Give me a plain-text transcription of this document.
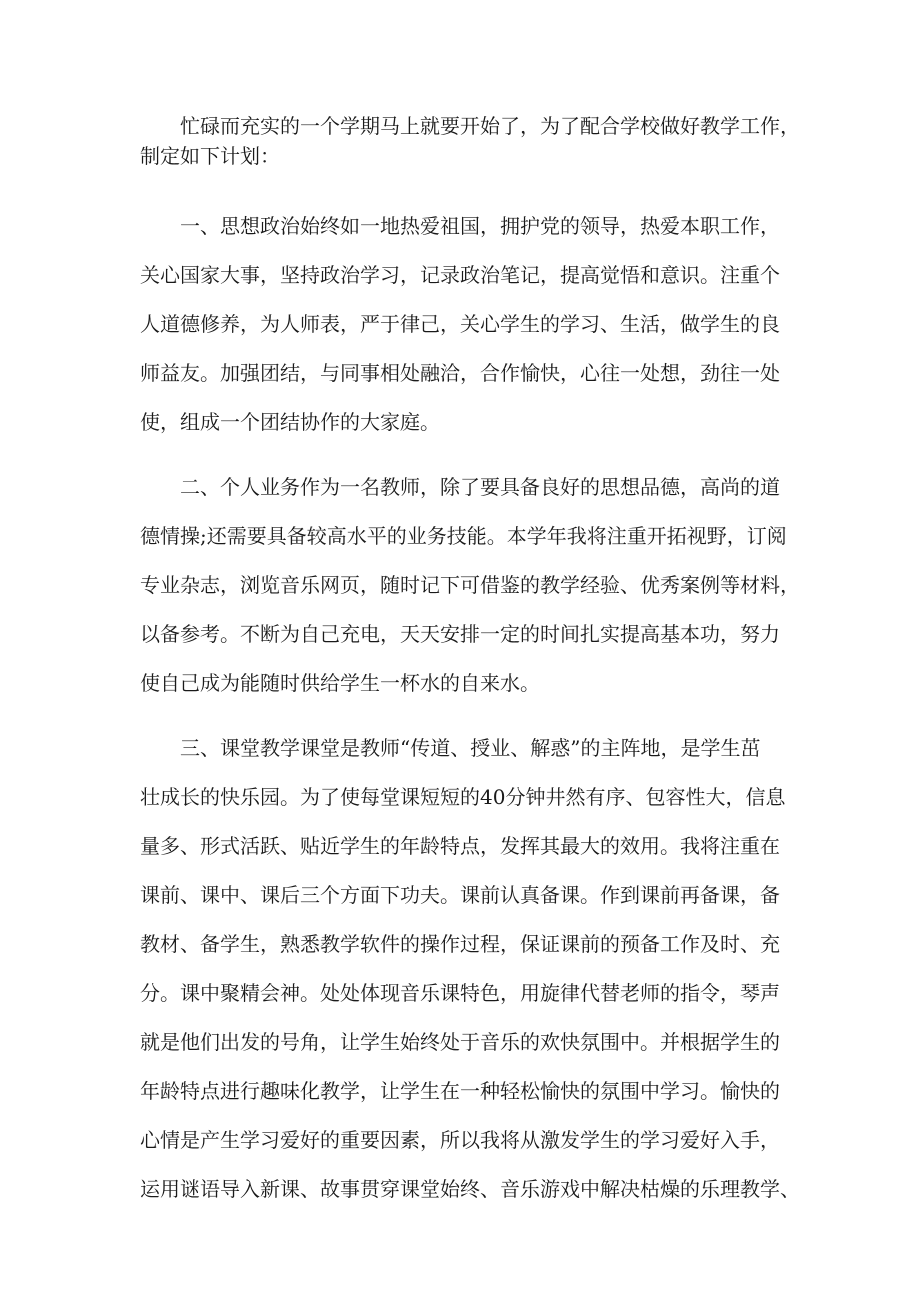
忙碌而充实的一个学期马上就要开始了，为了配合学校做好教学工作，

制定如下计划：

一、思想政治始终如一地热爱祖国，拥护党的领导，热爱本职工作，

关心国家大事，坚持政治学习，记录政治笔记，提高觉悟和意识。注重个

人道德修养，为人师表，严于律己，关心学生的学习、生活，做学生的良

师益友。加强团结，与同事相处融洽，合作愉快，心往一处想，劲往一处

使，组成一个团结协作的大家庭。

二、个人业务作为一名教师，除了要具备良好的思想品德，高尚的道

德情操;还需要具备较高水平的业务技能。本学年我将注重开拓视野，订阅

专业杂志，浏览音乐网页，随时记下可借鉴的教学经验、优秀案例等材料，

以备参考。不断为自己充电，天天安排一定的时间扎实提高基本功，努力

使自己成为能随时供给学生一杯水的自来水。

三、课堂教学课堂是教师“传道、授业、解惑”的主阵地，是学生茁

壮成长的快乐园。为了使每堂课短短的40分钟井然有序、包容性大，信息

量多、形式活跃、贴近学生的年龄特点，发挥其最大的效用。我将注重在

课前、课中、课后三个方面下功夫。课前认真备课。作到课前再备课，备

教材、备学生，熟悉教学软件的操作过程，保证课前的预备工作及时、充

分。课中聚精会神。处处体现音乐课特色，用旋律代替老师的指令，琴声

就是他们出发的号角，让学生始终处于音乐的欢快氛围中。并根据学生的

年龄特点进行趣味化教学，让学生在一种轻松愉快的氛围中学习。愉快的

心情是产生学习爱好的重要因素，所以我将从激发学生的学习爱好入手，

运用谜语导入新课、故事贯穿课堂始终、音乐游戏中解决枯燥的乐理教学、
